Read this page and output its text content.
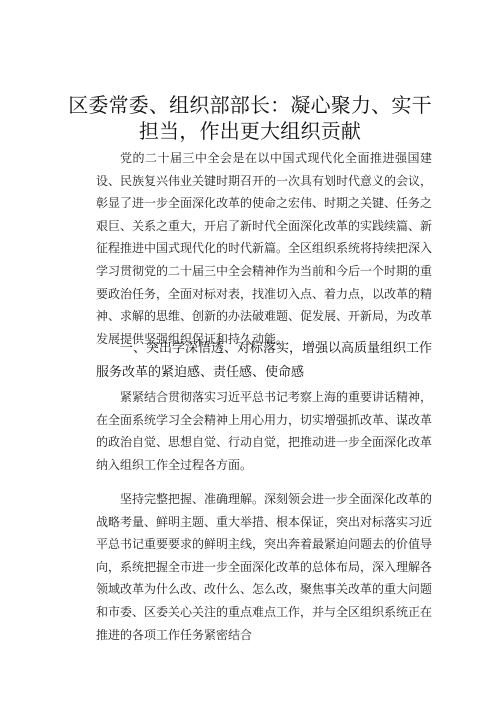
区委常委、组织部部长：凝心聚力、实干担当，作出更大组织贡献
党的二十届三中全会是在以中国式现代化全面推进强国建设、民族复兴伟业关键时期召开的一次具有划时代意义的会议，彰显了进一步全面深化改革的使命之宏伟、时期之关键、任务之艰巨、关系之重大，开启了新时代全面深化改革的实践续篇、新征程推进中国式现代化的时代新篇。全区组织系统将持续把深入学习贯彻党的二十届三中全会精神作为当前和今后一个时期的重要政治任务，全面对标对表，找准切入点、着力点，以改革的精神、求解的思维、创新的办法破难题、促发展、开新局，为改革发展提供坚强组织保证和持久动能。
一、突出学深悟透、对标落实，增强以高质量组织工作服务改革的紧迫感、责任感、使命感
紧紧结合贯彻落实习近平总书记考察上海的重要讲话精神，在全面系统学习全会精神上用心用力，切实增强抓改革、谋改革的政治自觉、思想自觉、行动自觉，把推动进一步全面深化改革纳入组织工作全过程各方面。
坚持完整把握、准确理解。深刻领会进一步全面深化改革的战略考量、鲜明主题、重大举措、根本保证，突出对标落实习近平总书记重要要求的鲜明主线，突出奔着最紧迫问题去的价值导向，系统把握全市进一步全面深化改革的总体布局，深入理解各领域改革为什么改、改什么、怎么改，聚焦事关改革的重大问题和市委、区委关心关注的重点难点工作，并与全区组织系统正在推进的各项工作任务紧密结合
